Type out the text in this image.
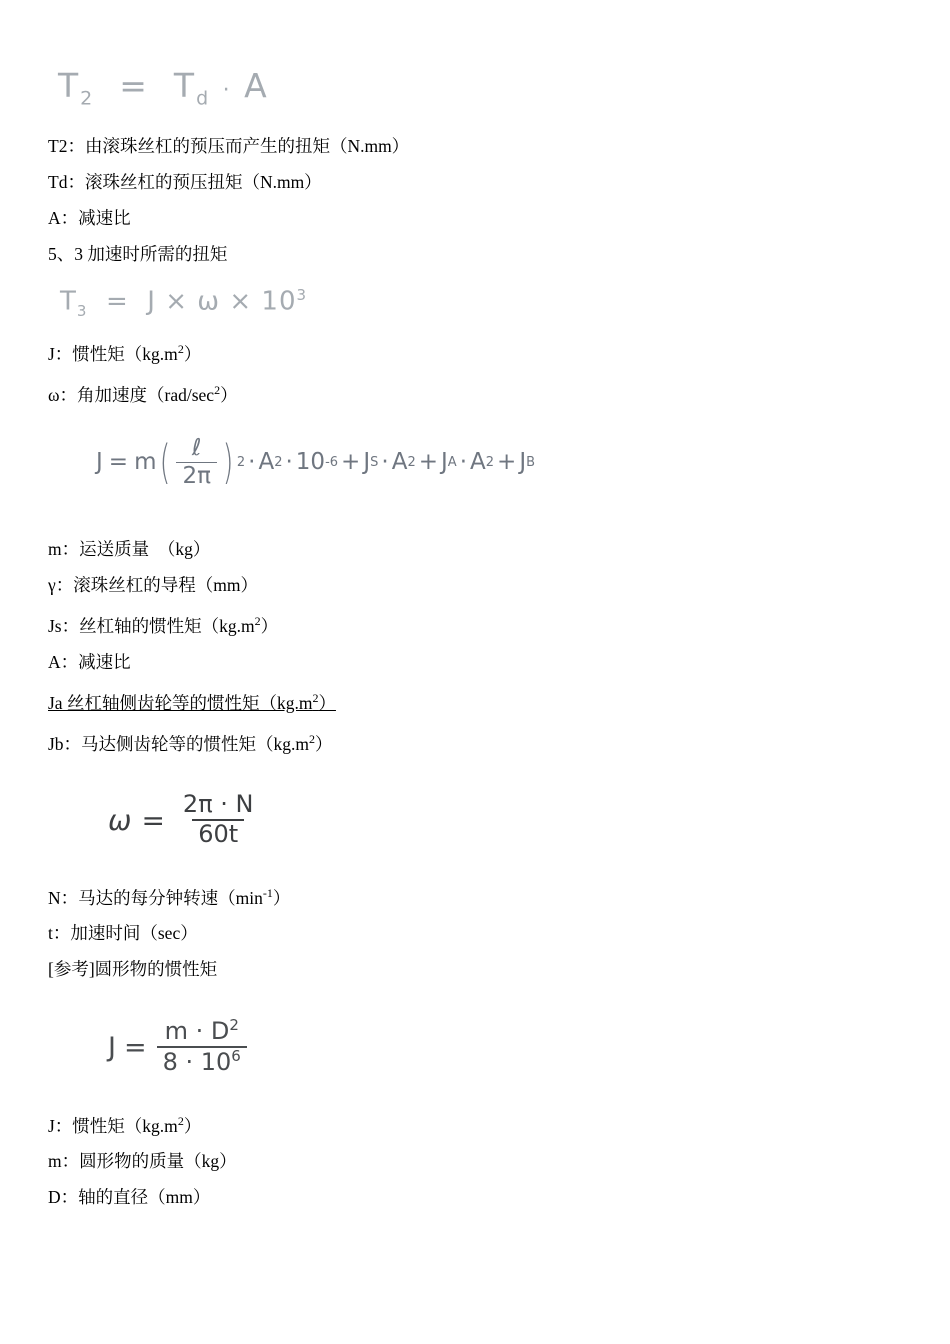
$T_2 = T_d \cdot A$
T2：由滚珠丝杠的预压而产生的扭矩（N.mm）
Td：滚珠丝杠的预压扭矩（N.mm）
A：减速比
5、3 加速时所需的扭矩
$T_3 = J \times \omega \times 10^3$
J：惯性矩$(kg.m^2)$
ω：角加速度$(rad/\sec^2)$
J = m ( $\frac{\text{ℓ}}{2\pi}$ ) 2 · A 2 · 10 -6 + J S · A 2 + J A · A 2 + J B
m：运送质量　（kg）
γ：滚珠丝杠的导程（mm）
Js：丝杠轴的惯性矩$(kg.m^2)$
A：减速比
Ja 丝杠轴侧齿轮等的惯性矩$(kg.m^2)$
Jb：马达侧齿轮等的惯性矩$(kg.m^2)$
$\omega = \frac{2\pi \cdot N}{60t}$
N：马达的每分钟转速$(\min^{-1})$
t：加速时间（sec）
[参考]圆形物的惯性矩
$J = \frac{m \cdot D^2}{8 \cdot 10^6}$
J：惯性矩$(kg.m^2)$
m：圆形物的质量（kg）
D：轴的直径（mm）
